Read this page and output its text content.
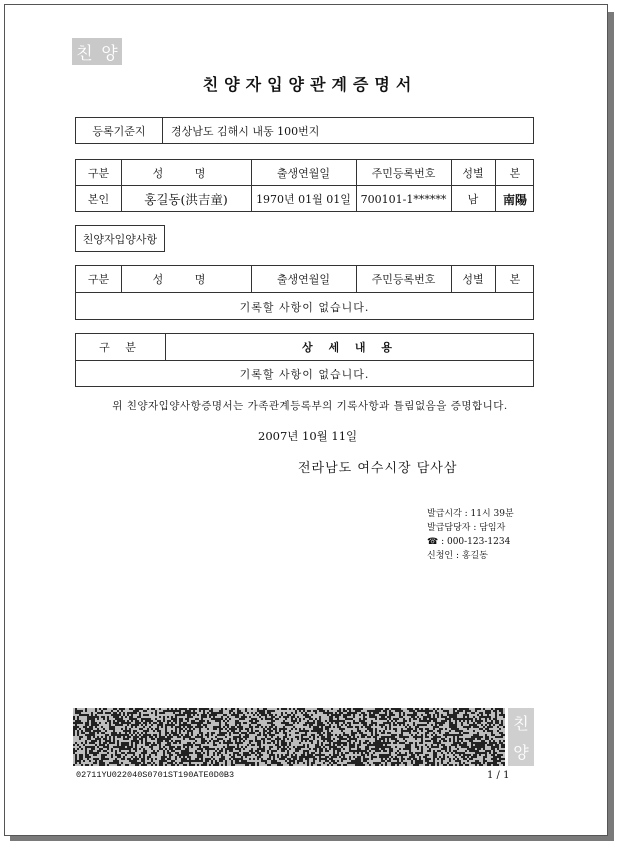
친 양
친양자입양관계증명서
등록기준지	경상남도 김해시 내동 100번지
구분	성 명	출생연월일	주민등록번호	성별	본
본인	홍길동(洪吉童)	1970년 01월 01일 700101-1******	남	南陽
친양자입양사항
구분	성 명	출생연월일	주민등록번호	성별	본
기록할 사항이 없습니다.
구 분	상 세 내 용
기록할 사항이 없습니다.
위 친양자입양사항증명서는 가족관계등록부의 기록사항과 틀림없음을 증명합니다.
2007년 10월 11일
전라남도 여수시장 담사삼
발급시각 : 11시 39분
발급담당자 : 담임자
☎ : 000-123-1234
신청인 : 홍길동
친
양
02711YU022040S0701ST190ATE0D0B3	1 / 1
